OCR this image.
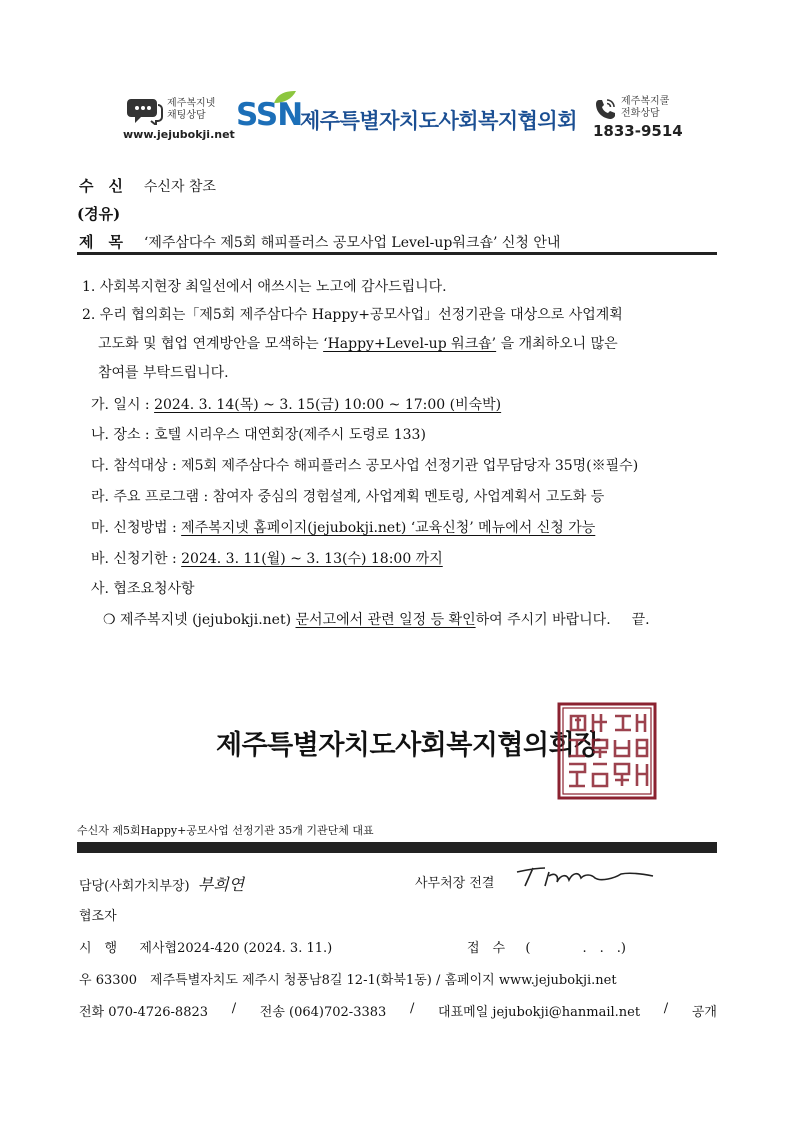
제주복지넷
채팅상담
www.jejubokji.net
SSN
제주특별자치도사회복지협의회
제주복지콜
전화상담
1833-9514
수　신 수신자 참조
(경유)
제　목 ‘제주삼다수 제5회 해피플러스 공모사업 Level-up워크숍’ 신청 안내
1. 사회복지현장 최일선에서 애쓰시는 노고에 감사드립니다.
2. 우리 협의회는「제5회 제주삼다수 Happy+공모사업」선정기관을 대상으로 사업계획
고도화 및 협업 연계방안을 모색하는 ‘Happy+Level-up 워크숍’ 을 개최하오니 많은
참여를 부탁드립니다.
가. 일시 : 2024. 3. 14(목) ~ 3. 15(금) 10:00 ~ 17:00 (비숙박)
나. 장소 : 호텔 시리우스 대연회장(제주시 도령로 133)
다. 참석대상 : 제5회 제주삼다수 해피플러스 공모사업 선정기관 업무담당자 35명(※필수)
라. 주요 프로그램 : 참여자 중심의 경험설계, 사업계획 멘토링, 사업계획서 고도화 등
마. 신청방법 : 제주복지넷 홈페이지(jejubokji.net) ‘교육신청’ 메뉴에서 신청 가능
바. 신청기한 : 2024. 3. 11(월) ~ 3. 13(수) 18:00 까지
사. 협조요청사항
❍ 제주복지넷 (jejubokji.net) 문서고에서 관련 일정 등 확인하여 주시기 바랍니다. 끝.
제주특별자치도사회복지협의회장
수신자 제5회Happy+공모사업 선정기관 35개 기관단체 대표
담당(사회가치부장) 부희연	사무처장 전결
협조자
시　행 제사협2024-420 (2024. 3. 11.)	접　수 (　　　　.　.　.)
우 63300　제주특별자치도 제주시 청풍남8길 12-1(화북1동) / 홈페이지 www.jejubokji.net
전화 070-4726-8823 / 전송 (064)702-3383 / 대표메일 jejubokji@hanmail.net / 공개
